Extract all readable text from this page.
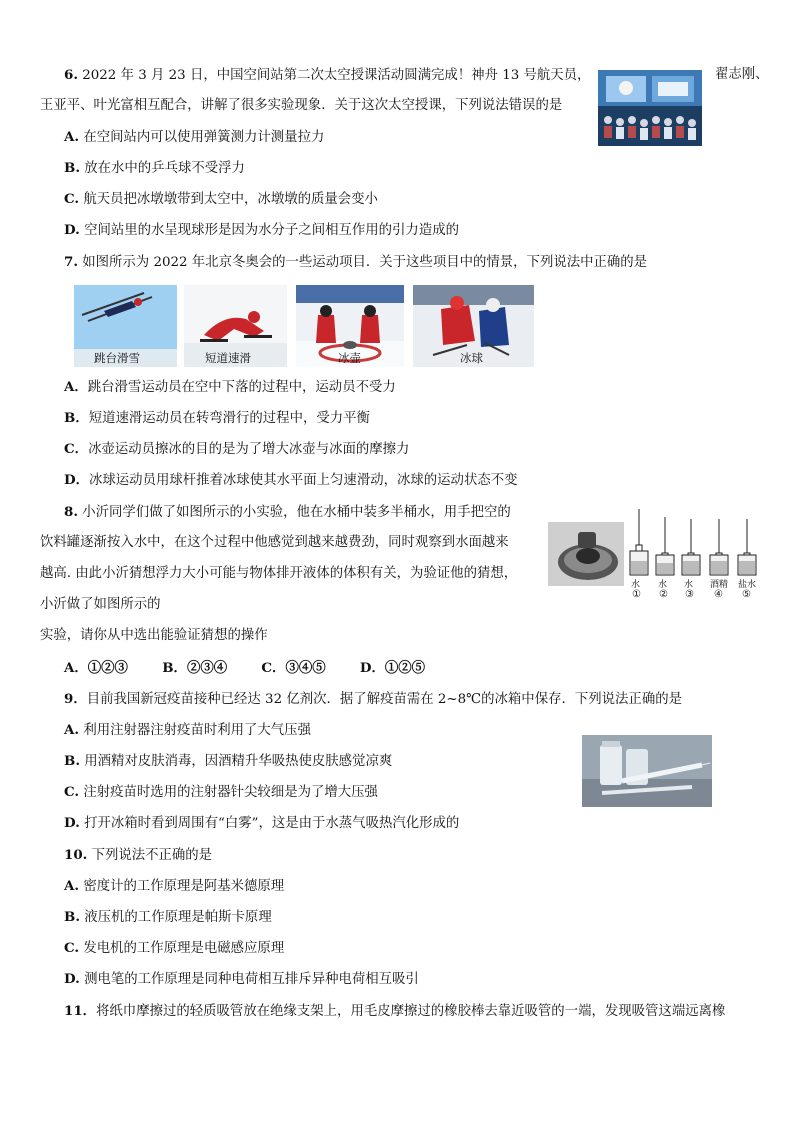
6. 2022 年 3 月 23 日，中国空间站第二次太空授课活动圆满完成！神舟 13 号航天员，	翟志刚、
王亚平、叶光富相互配合，讲解了很多实验现象．关于这次太空授课，下列说法错误的是
A. 在空间站内可以使用弹簧测力计测量拉力
B. 放在水中的乒乓球不受浮力
C. 航天员把冰墩墩带到太空中，冰墩墩的质量会变小
D. 空间站里的水呈现球形是因为水分子之间相互作用的引力造成的
7. 如图所示为 2022 年北京冬奥会的一些运动项目．关于这些项目中的情景，下列说法中正确的是
跳台滑雪	短道速滑	冰壶	冰球
A．跳台滑雪运动员在空中下落的过程中，运动员不受力
B．短道速滑运动员在转弯滑行的过程中，受力平衡
C．冰壶运动员擦冰的目的是为了增大冰壶与冰面的摩擦力
D．冰球运动员用球杆推着冰球使其水平面上匀速滑动，冰球的运动状态不变
8. 小沂同学们做了如图所示的小实验，他在水桶中装多半桶水，用手把空的
饮料罐逐渐按入水中，在这个过程中他感觉到越来越费劲，同时观察到水面越来
越高. 由此小沂猜想浮力大小可能与物体排开液体的体积有关，为验证他的猜想，
小沂做了如图所示的
实验，请你从中选出能验证猜想的操作
水 水 水 酒精 盐水
① ② ③ ④ ⑤
A．①②③	B．②③④	C．③④⑤	D．①②⑤
9．目前我国新冠疫苗接种已经达 32 亿剂次．据了解疫苗需在 2~8℃的冰箱中保存．下列说法正确的是
A. 利用注射器注射疫苗时利用了大气压强
B. 用酒精对皮肤消毒，因酒精升华吸热使皮肤感觉凉爽
C. 注射疫苗时选用的注射器针尖较细是为了增大压强
D. 打开冰箱时看到周围有“白雾”，这是由于水蒸气吸热汽化形成的
10. 下列说法不正确的是
A. 密度计的工作原理是阿基米德原理
B. 液压机的工作原理是帕斯卡原理
C. 发电机的工作原理是电磁感应原理
D. 测电笔的工作原理是同种电荷相互排斥异种电荷相互吸引
11．将纸巾摩擦过的轻质吸管放在绝缘支架上，用毛皮摩擦过的橡胶棒去靠近吸管的一端，发现吸管这端远离橡
